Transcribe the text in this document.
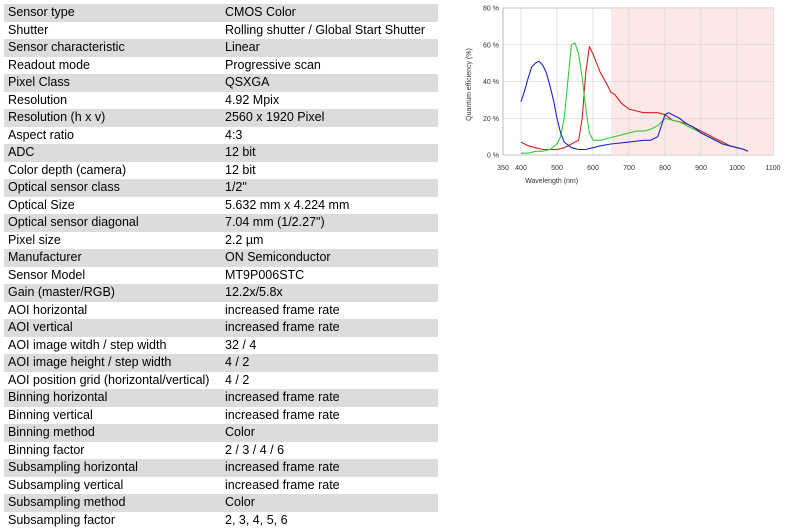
Sensor type	CMOS Color
Shutter	Rolling shutter / Global Start Shutter
Sensor characteristic	Linear
Readout mode	Progressive scan
Pixel Class	QSXGA
Resolution	4.92 Mpix
Resolution (h x v)	2560 x 1920 Pixel
Aspect ratio	4:3
ADC	12 bit
Color depth (camera)	12 bit
Optical sensor class	1/2"
Optical Size	5.632 mm x 4.224 mm
Optical sensor diagonal	7.04 mm (1/2.27")
Pixel size	2.2 µm
Manufacturer	ON Semiconductor
Sensor Model	MT9P006STC
Gain (master/RGB)	12.2x/5.8x
AOI horizontal	increased frame rate
AOI vertical	increased frame rate
AOI image witdh / step width	32 / 4
AOI image height / step width	4 / 2
AOI position grid (horizontal/vertical)	4 / 2
Binning horizontal	increased frame rate
Binning vertical	increased frame rate
Binning method	Color
Binning factor	2 / 3 / 4 / 6
Subsampling horizontal	increased frame rate
Subsampling vertical	increased frame rate
Subsampling method	Color
Subsampling factor	2, 3, 4, 5, 6
0 %
20 %
40 %
60 %
80 %
350 400	500	600	700	800	900	1000	1100
Wavelength (nm)
Quantum efficiency (%)
